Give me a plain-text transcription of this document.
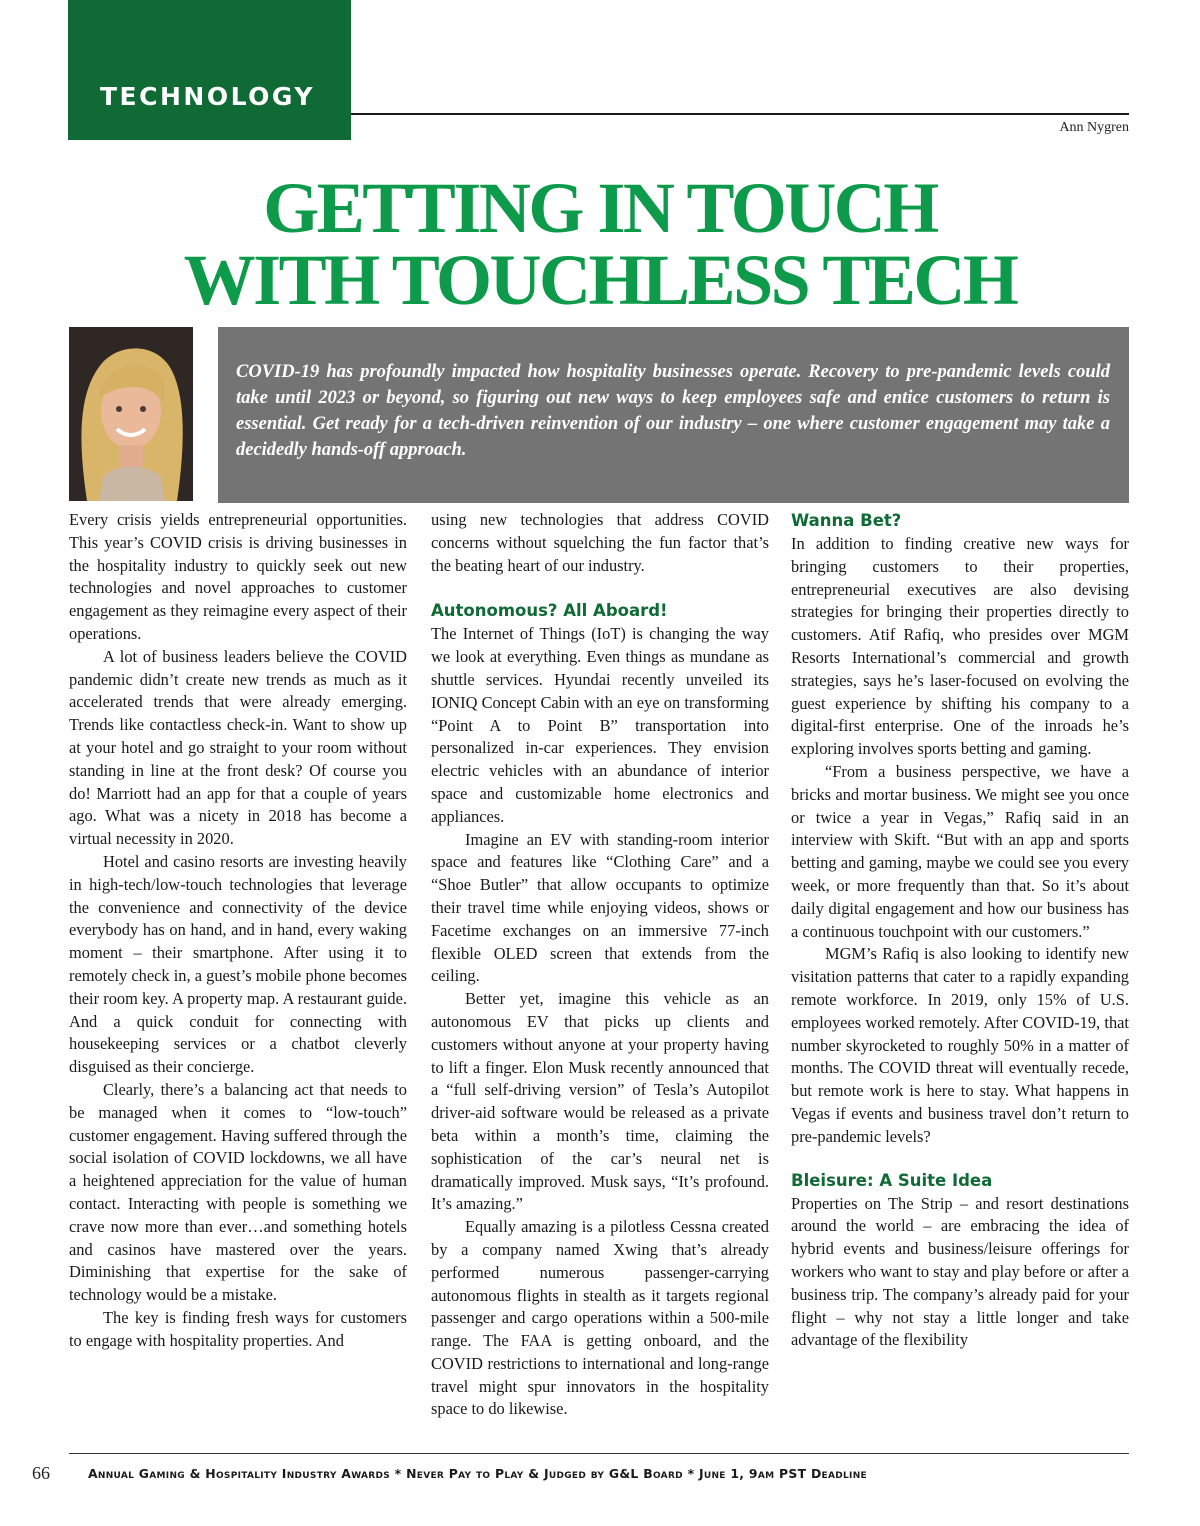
TECHNOLOGY
Ann Nygren
GETTING IN TOUCH
WITH TOUCHLESS TECH

COVID-19 has profoundly impacted how hospitality businesses operate. Recovery to pre-pandemic levels could take until 2023 or beyond, so figuring out new ways to keep employees safe and entice customers to return is essential. Get ready for a tech-driven reinvention of our industry – one where customer engagement may take a decidedly hands-off approach.

Every crisis yields entrepreneurial opportunities. This year’s COVID crisis is driving businesses in the hospitality industry to quickly seek out new technologies and novel approaches to customer engagement as they reimagine every aspect of their operations.

A lot of business leaders believe the COVID pandemic didn’t create new trends as much as it accelerated trends that were already emerging. Trends like contactless check-in. Want to show up at your hotel and go straight to your room without standing in line at the front desk? Of course you do! Marriott had an app for that a couple of years ago. What was a nicety in 2018 has become a virtual necessity in 2020.

Hotel and casino resorts are investing heavily in high-tech/low-touch technologies that leverage the convenience and connectivity of the device everybody has on hand, and in hand, every waking moment – their smartphone. After using it to remotely check in, a guest’s mobile phone becomes their room key. A property map. A restaurant guide. And a quick conduit for connecting with housekeeping services or a chatbot cleverly disguised as their concierge.

Clearly, there’s a balancing act that needs to be managed when it comes to “low-touch” customer engagement. Having suffered through the social isolation of COVID lockdowns, we all have a heightened appreciation for the value of human contact. Interacting with people is something we crave now more than ever…and something hotels and casinos have mastered over the years. Diminishing that expertise for the sake of technology would be a mistake.

The key is finding fresh ways for customers to engage with hospitality properties. And

using new technologies that address COVID concerns without squelching the fun factor that’s the beating heart of our industry.

Autonomous? All Aboard!

The Internet of Things (IoT) is changing the way we look at everything. Even things as mundane as shuttle services. Hyundai recently unveiled its IONIQ Concept Cabin with an eye on transforming “Point A to Point B” transportation into personalized in-car experiences. They envision electric vehicles with an abundance of interior space and customizable home electronics and appliances.

Imagine an EV with standing-room interior space and features like “Clothing Care” and a “Shoe Butler” that allow occupants to optimize their travel time while enjoying videos, shows or Facetime exchanges on an immersive 77-inch flexible OLED screen that extends from the ceiling.

Better yet, imagine this vehicle as an autonomous EV that picks up clients and customers without anyone at your property having to lift a finger. Elon Musk recently announced that a “full self-driving version” of Tesla’s Autopilot driver-aid software would be released as a private beta within a month’s time, claiming the sophistication of the car’s neural net is dramatically improved. Musk says, “It’s profound. It’s amazing.”

Equally amazing is a pilotless Cessna created by a company named Xwing that’s already performed numerous passenger-carrying autonomous flights in stealth as it targets regional passenger and cargo operations within a 500-mile range. The FAA is getting onboard, and the COVID restrictions to international and long-range travel might spur innovators in the hospitality space to do likewise.

Wanna Bet?

In addition to finding creative new ways for bringing customers to their properties, entrepreneurial executives are also devising strategies for bringing their properties directly to customers. Atif Rafiq, who presides over MGM Resorts International’s commercial and growth strategies, says he’s laser-focused on evolving the guest experience by shifting his company to a digital-first enterprise. One of the inroads he’s exploring involves sports betting and gaming.

“From a business perspective, we have a bricks and mortar business. We might see you once or twice a year in Vegas,” Rafiq said in an interview with Skift. “But with an app and sports betting and gaming, maybe we could see you every week, or more frequently than that. So it’s about daily digital engagement and how our business has a continuous touchpoint with our customers.”

MGM’s Rafiq is also looking to identify new visitation patterns that cater to a rapidly expanding remote workforce. In 2019, only 15% of U.S. employees worked remotely. After COVID-19, that number skyrocketed to roughly 50% in a matter of months. The COVID threat will eventually recede, but remote work is here to stay. What happens in Vegas if events and business travel don’t return to pre-pandemic levels?

Bleisure: A Suite Idea

Properties on The Strip – and resort destinations around the world – are embracing the idea of hybrid events and business/leisure offerings for workers who want to stay and play before or after a business trip. The company’s already paid for your flight – why not stay a little longer and take advantage of the flexibility

66	Annual Gaming & Hospitality Industry Awards * Never Pay to Play & Judged by G&L Board * June 1, 9am PST Deadline
